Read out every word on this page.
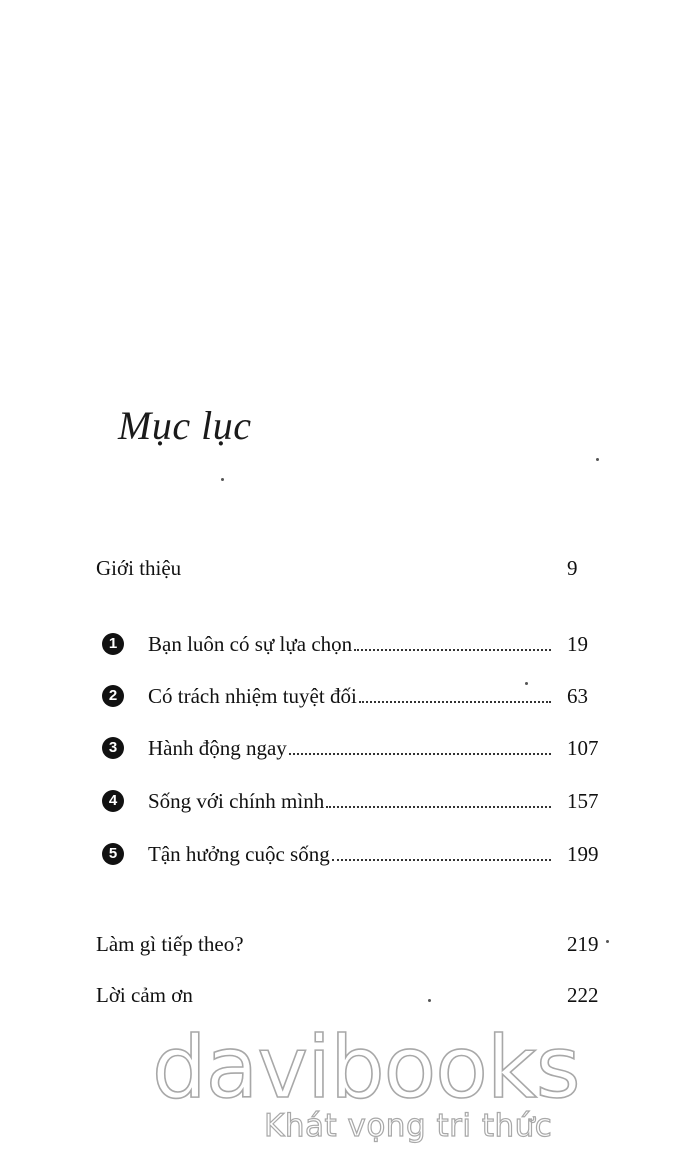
Mục lục
Giới thiệu	9
1	Bạn luôn có sự lựa chọn	19
2	Có trách nhiệm tuyệt đối	63
3	Hành động ngay	107
4	Sống với chính mình	157
5	Tận hưởng cuộc sống	199
Làm gì tiếp theo?	219
Lời cảm ơn	222
davibooks
Khát vọng tri thức
